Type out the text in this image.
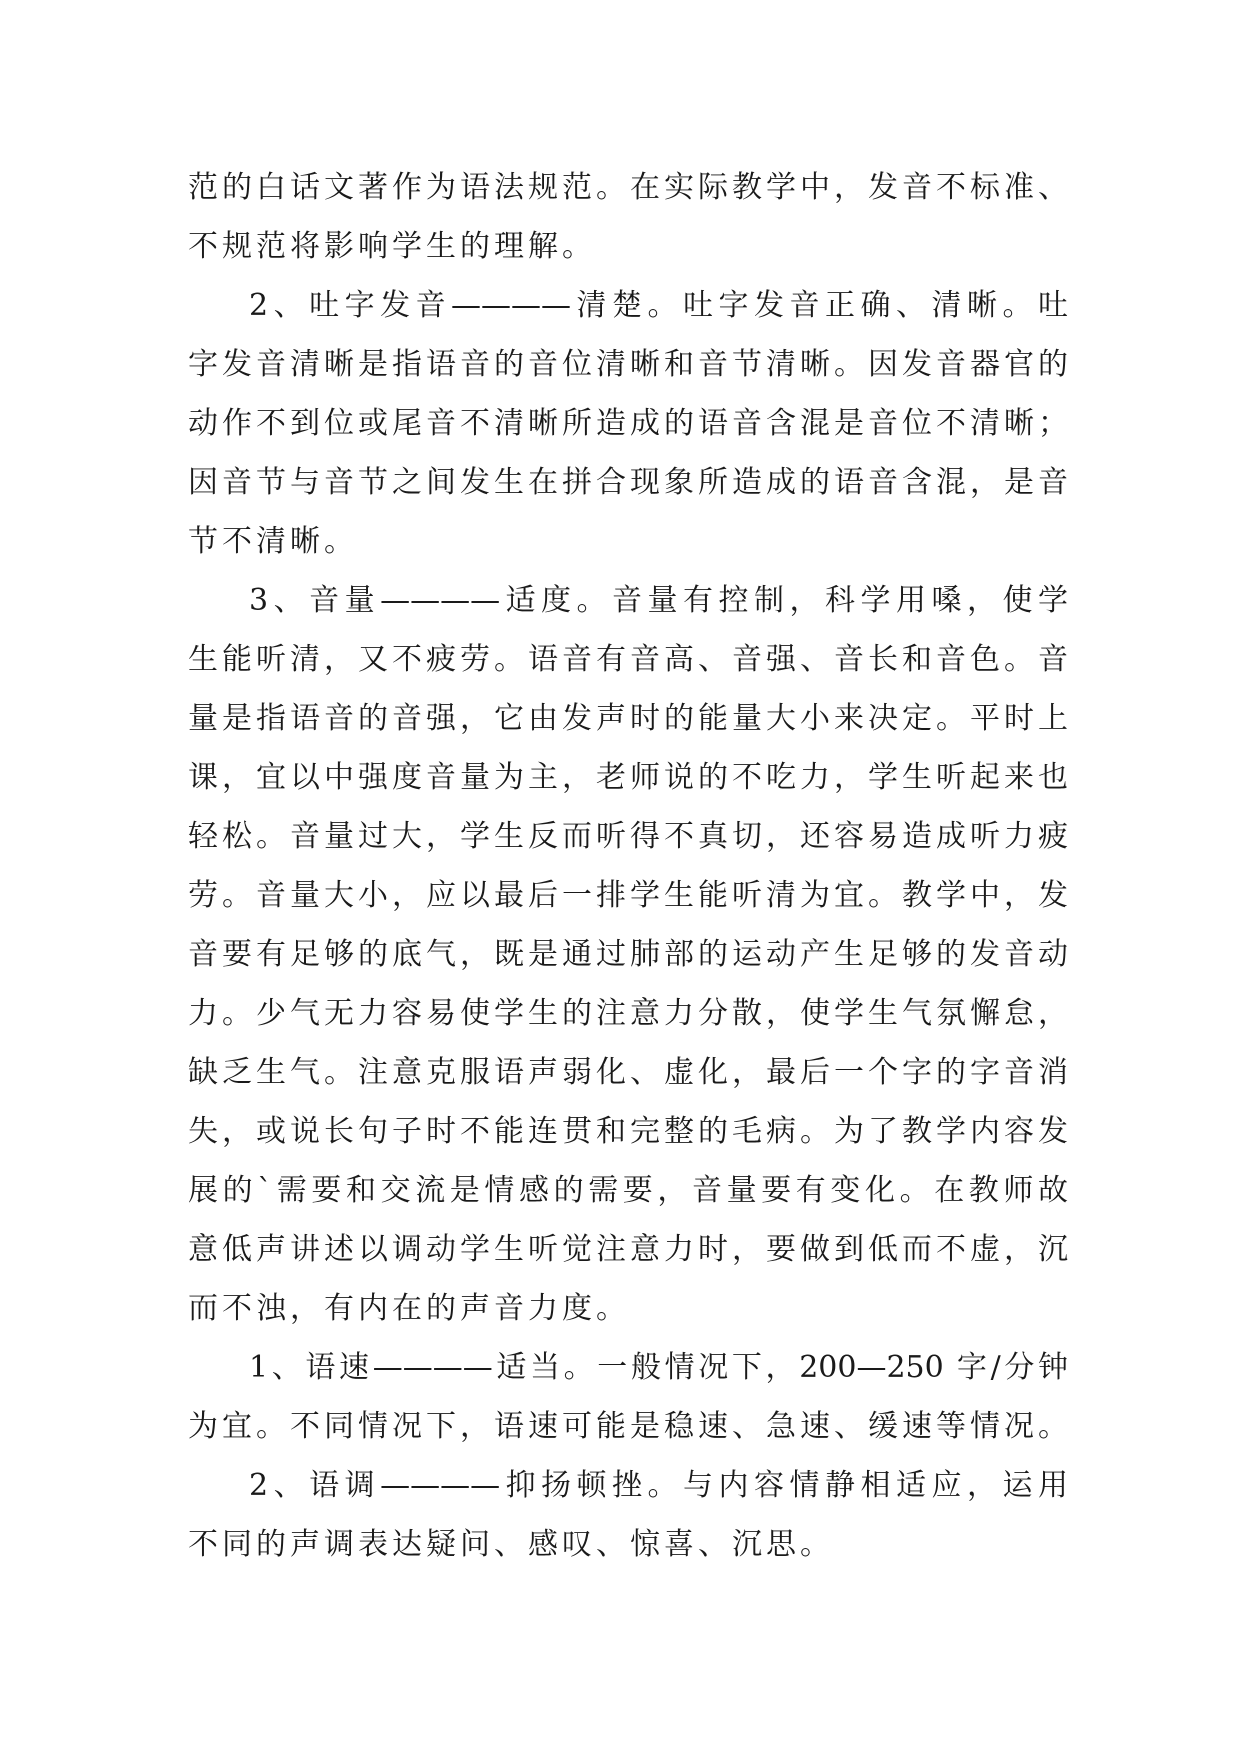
范的白话文著作为语法规范。在实际教学中，发音不标准、
不规范将影响学生的理解。
2、吐字发音————清楚。吐字发音正确、清晰。吐
字发音清晰是指语音的音位清晰和音节清晰。因发音器官的
动作不到位或尾音不清晰所造成的语音含混是音位不清晰；
因音节与音节之间发生在拼合现象所造成的语音含混，是音
节不清晰。
3、音量————适度。音量有控制，科学用嗓，使学
生能听清，又不疲劳。语音有音高、音强、音长和音色。音
量是指语音的音强，它由发声时的能量大小来决定。平时上
课，宜以中强度音量为主，老师说的不吃力，学生听起来也
轻松。音量过大，学生反而听得不真切，还容易造成听力疲
劳。音量大小，应以最后一排学生能听清为宜。教学中，发
音要有足够的底气，既是通过肺部的运动产生足够的发音动
力。少气无力容易使学生的注意力分散，使学生气氛懈怠，
缺乏生气。注意克服语声弱化、虚化，最后一个字的字音消
失，或说长句子时不能连贯和完整的毛病。为了教学内容发
展的`需要和交流是情感的需要，音量要有变化。在教师故
意低声讲述以调动学生听觉注意力时，要做到低而不虚，沉
而不浊，有内在的声音力度。
1、语速————适当。一般情况下，200—250 字/分钟
为宜。不同情况下，语速可能是稳速、急速、缓速等情况。
2、语调————抑扬顿挫。与内容情静相适应，运用
不同的声调表达疑问、感叹、惊喜、沉思。
